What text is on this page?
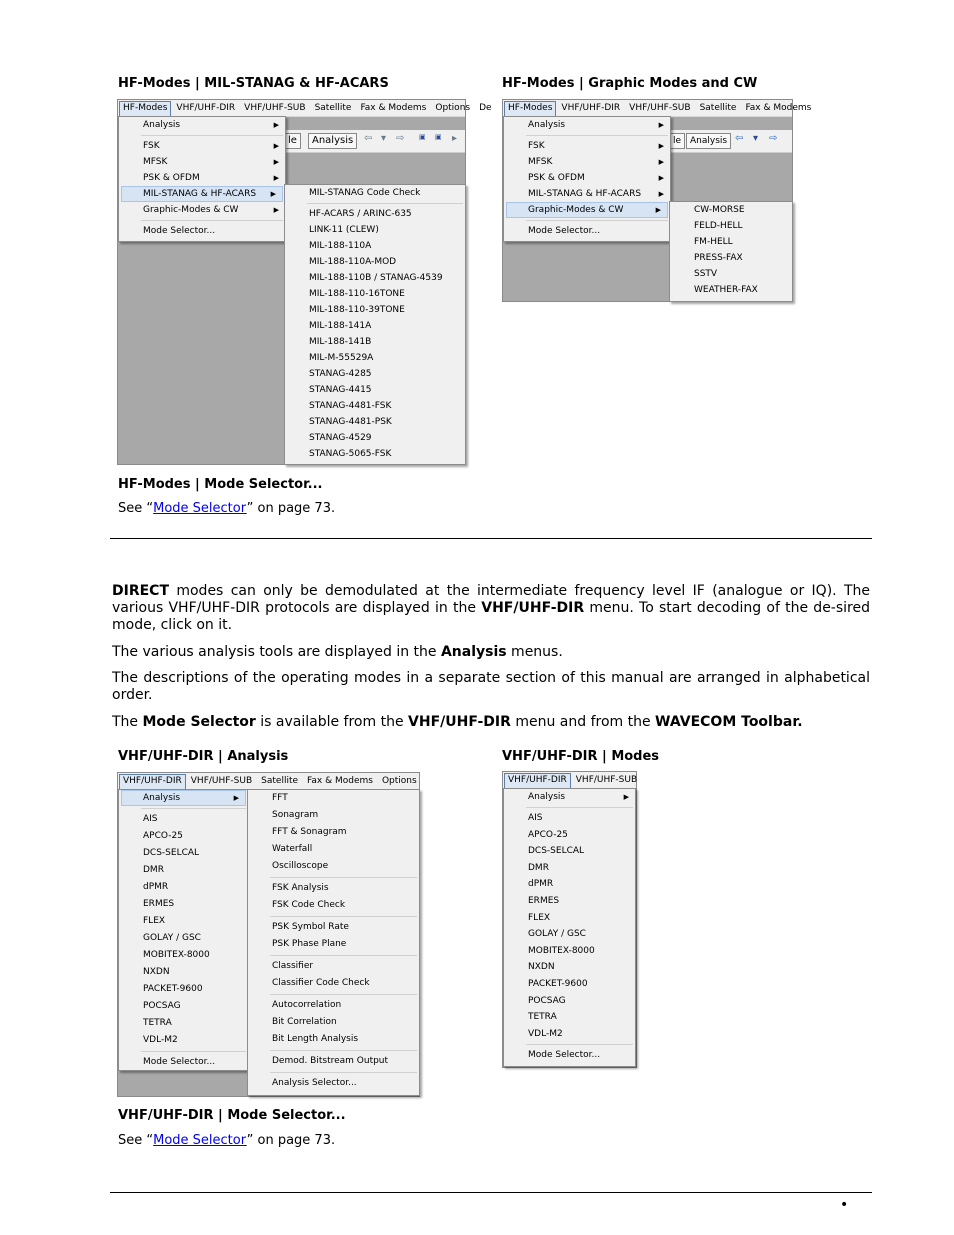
HF-Modes | MIL-STANAG & HF-ACARS
HF-Modes VHF/UHF-DIR VHF/UHF-SUB Satellite Fax & Modems Options De
le	Analysis	⇦ ▾ ⇨ ▣ ▣ ▸
Analysis	▶
FSK	▶
MFSK	▶
PSK & OFDM	▶
MIL-STANAG & HF-ACARS ▶
Graphic-Modes & CW	▶
Mode Selector...
MIL-STANAG Code Check
HF-ACARS / ARINC-635
LINK-11 (CLEW)
MIL-188-110A
MIL-188-110A-MOD
MIL-188-110B / STANAG-4539
MIL-188-110-16TONE
MIL-188-110-39TONE
MIL-188-141A
MIL-188-141B
MIL-M-55529A
STANAG-4285
STANAG-4415
STANAG-4481-FSK
STANAG-4481-PSK
STANAG-4529
STANAG-5065-FSK
HF-Modes | Graphic Modes and CW
HF-Modes VHF/UHF-DIR VHF/UHF-SUB Satellite Fax & Modems
le Analysis ⇦ ▾ ⇨
Analysis	▶
FSK	▶
MFSK	▶
PSK & OFDM	▶
MIL-STANAG & HF-ACARS	▶
Graphic-Modes & CW	▶
Mode Selector...
CW-MORSE
FELD-HELL
FM-HELL
PRESS-FAX
SSTV
WEATHER-FAX
HF-Modes | Mode Selector...
See “Mode Selector” on page 73.
DIRECT modes can only be demodulated at the intermediate frequency level IF (analogue or IQ). The various VHF/UHF-DIR protocols are displayed in the VHF/UHF-DIR menu. To start decoding of the de-sired mode, click on it.
The various analysis tools are displayed in the Analysis menus.
The descriptions of the operating modes in a separate section of this manual are arranged in alphabetical order.
The Mode Selector is available from the VHF/UHF-DIR menu and from the WAVECOM Toolbar.
VHF/UHF-DIR | Analysis
VHF/UHF-DIR VHF/UHF-SUB Satellite Fax & Modems Options
Analysis	▶
AIS
APCO-25
DCS-SELCAL
DMR
dPMR
ERMES
FLEX
GOLAY / GSC
MOBITEX-8000
NXDN
PACKET-9600
POCSAG
TETRA
VDL-M2
Mode Selector...
FFT
Sonagram
FFT & Sonagram
Waterfall
Oscilloscope
FSK Analysis
FSK Code Check
PSK Symbol Rate
PSK Phase Plane
Classifier
Classifier Code Check
Autocorrelation
Bit Correlation
Bit Length Analysis
Demod. Bitstream Output
Analysis Selector...
VHF/UHF-DIR | Modes
VHF/UHF-DIR VHF/UHF-SUB
Analysis	▶
AIS
APCO-25
DCS-SELCAL
DMR
dPMR
ERMES
FLEX
GOLAY / GSC
MOBITEX-8000
NXDN
PACKET-9600
POCSAG
TETRA
VDL-M2
Mode Selector...
VHF/UHF-DIR | Mode Selector...
See “Mode Selector” on page 73.
•
